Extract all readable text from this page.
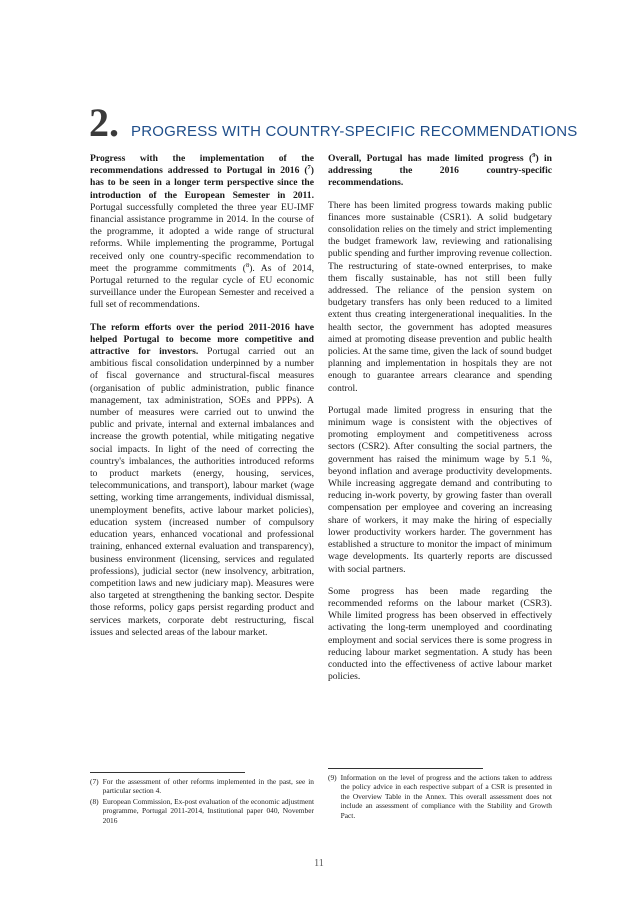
2. PROGRESS WITH COUNTRY-SPECIFIC RECOMMENDATIONS

Progress with the implementation of the recommendations addressed to Portugal in 2016 ($^7$) has to be seen in a longer term perspective since the introduction of the European Semester in 2011. Portugal successfully completed the three year EU-IMF financial assistance programme in 2014. In the course of the programme, it adopted a wide range of structural reforms. While implementing the programme, Portugal received only one country-specific recommendation to meet the programme commitments ($^8$). As of 2014, Portugal returned to the regular cycle of EU economic surveillance under the European Semester and received a full set of recommendations.

The reform efforts over the period 2011-2016 have helped Portugal to become more competitive and attractive for investors. Portugal carried out an ambitious fiscal consolidation underpinned by a number of fiscal governance and structural-fiscal measures (organisation of public administration, public finance management, tax administration, SOEs and PPPs). A number of measures were carried out to unwind the public and private, internal and external imbalances and increase the growth potential, while mitigating negative social impacts. In light of the need of correcting the country's imbalances, the authorities introduced reforms to product markets (energy, housing, services, telecommunications, and transport), labour market (wage setting, working time arrangements, individual dismissal, unemployment benefits, active labour market policies), education system (increased number of compulsory education years, enhanced vocational and professional training, enhanced external evaluation and transparency), business environment (licensing, services and regulated professions), judicial sector (new insolvency, arbitration, competition laws and new judiciary map). Measures were also targeted at strengthening the banking sector. Despite those reforms, policy gaps persist regarding product and services markets, corporate debt restructuring, fiscal issues and selected areas of the labour market.

Overall, Portugal has made limited progress ($^9$) in addressing the 2016 country-specific recommendations.

There has been limited progress towards making public finances more sustainable (CSR1). A solid budgetary consolidation relies on the timely and strict implementing the budget framework law, reviewing and rationalising public spending and further improving revenue collection. The restructuring of state-owned enterprises, to make them fiscally sustainable, has not still been fully addressed. The reliance of the pension system on budgetary transfers has only been reduced to a limited extent thus creating intergenerational inequalities. In the health sector, the government has adopted measures aimed at promoting disease prevention and public health policies. At the same time, given the lack of sound budget planning and implementation in hospitals they are not enough to guarantee arrears clearance and spending control.

Portugal made limited progress in ensuring that the minimum wage is consistent with the objectives of promoting employment and competitiveness across sectors (CSR2). After consulting the social partners, the government has raised the minimum wage by 5.1 %, beyond inflation and average productivity developments. While increasing aggregate demand and contributing to reducing in-work poverty, by growing faster than overall compensation per employee and covering an increasing share of workers, it may make the hiring of especially lower productivity workers harder. The government has established a structure to monitor the impact of minimum wage developments. Its quarterly reports are discussed with social partners.

Some progress has been made regarding the recommended reforms on the labour market (CSR3). While limited progress has been observed in effectively activating the long-term unemployed and coordinating employment and social services there is some progress in reducing labour market segmentation. A study has been conducted into the effectiveness of active labour market policies.

(7) For the assessment of other reforms implemented in the past, see in particular section 4.
(8) European Commission, Ex-post evaluation of the economic adjustment programme, Portugal 2011-2014, Institutional paper 040, November 2016
(9) Information on the level of progress and the actions taken to address the policy advice in each respective subpart of a CSR is presented in the Overview Table in the Annex. This overall assessment does not include an assessment of compliance with the Stability and Growth Pact.
11
